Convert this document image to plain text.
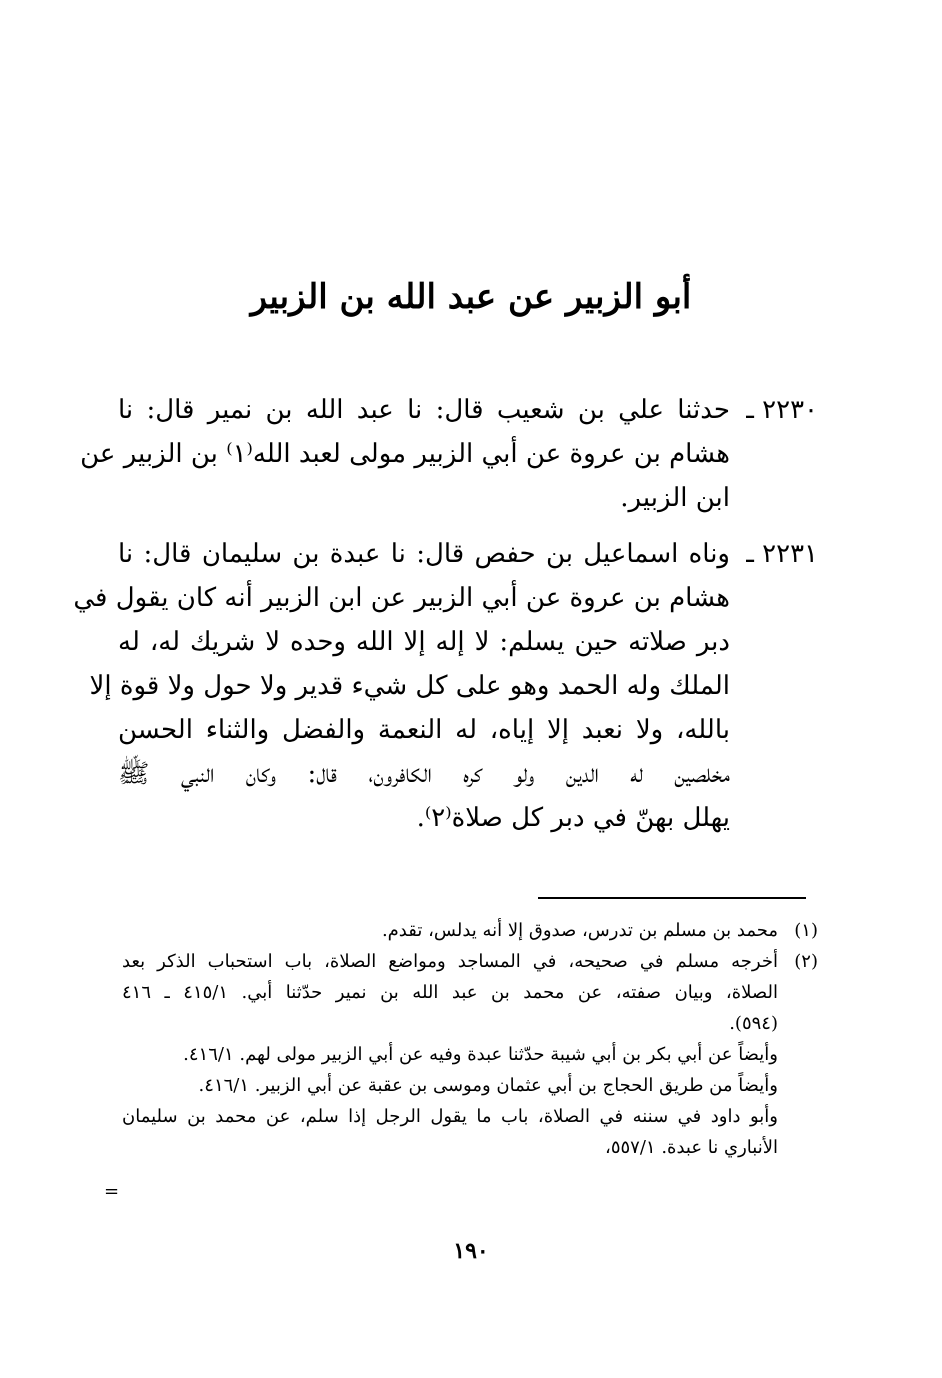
أبو الزبير عن عبد الله بن الزبير
٢٢٣٠ ـ
حدثنا علي بن شعيب قال: نا عبد الله بن نمير قال: نا
هشام بن عروة عن أبي الزبير مولى لعبد الله⁽١⁾ بن الزبير عن
ابن الزبير.
٢٢٣١ ـ
وناه اسماعيل بن حفص قال: نا عبدة بن سليمان قال: نا
هشام بن عروة عن أبي الزبير عن ابن الزبير أنه كان يقول في
دبر صلاته حين يسلم: لا إله إلا الله وحده لا شريك له، له
الملك وله الحمد وهو على كل شيء قدير ولا حول ولا قوة إلا
بالله، ولا نعبد إلا إياه، له النعمة والفضل والثناء الحسن
مخلصين له الدين ولو كره الكافرون، قال: وكان النبي ﷺ
يهلل بهنّ في دبر كل صلاة⁽٢⁾.
(١)
محمد بن مسلم بن تدرس، صدوق إلا أنه يدلس، تقدم.
(٢)
أخرجه مسلم في صحيحه، في المساجد ومواضع الصلاة، باب استحباب الذكر بعد
الصلاة، وبيان صفته، عن محمد بن عبد الله بن نمير حدّثنا أبي. ٤١٥/١ ـ ٤١٦
(٥٩٤).
وأيضاً عن أبي بكر بن أبي شيبة حدّثنا عبدة وفيه عن أبي الزبير مولى لهم. ٤١٦/١.
وأيضاً من طريق الحجاج بن أبي عثمان وموسى بن عقبة عن أبي الزبير. ٤١٦/١.
وأبو داود في سننه في الصلاة، باب ما يقول الرجل إذا سلم، عن محمد بن سليمان
الأنباري نا عبدة. ٥٥٧/١،
=
١٩٠
